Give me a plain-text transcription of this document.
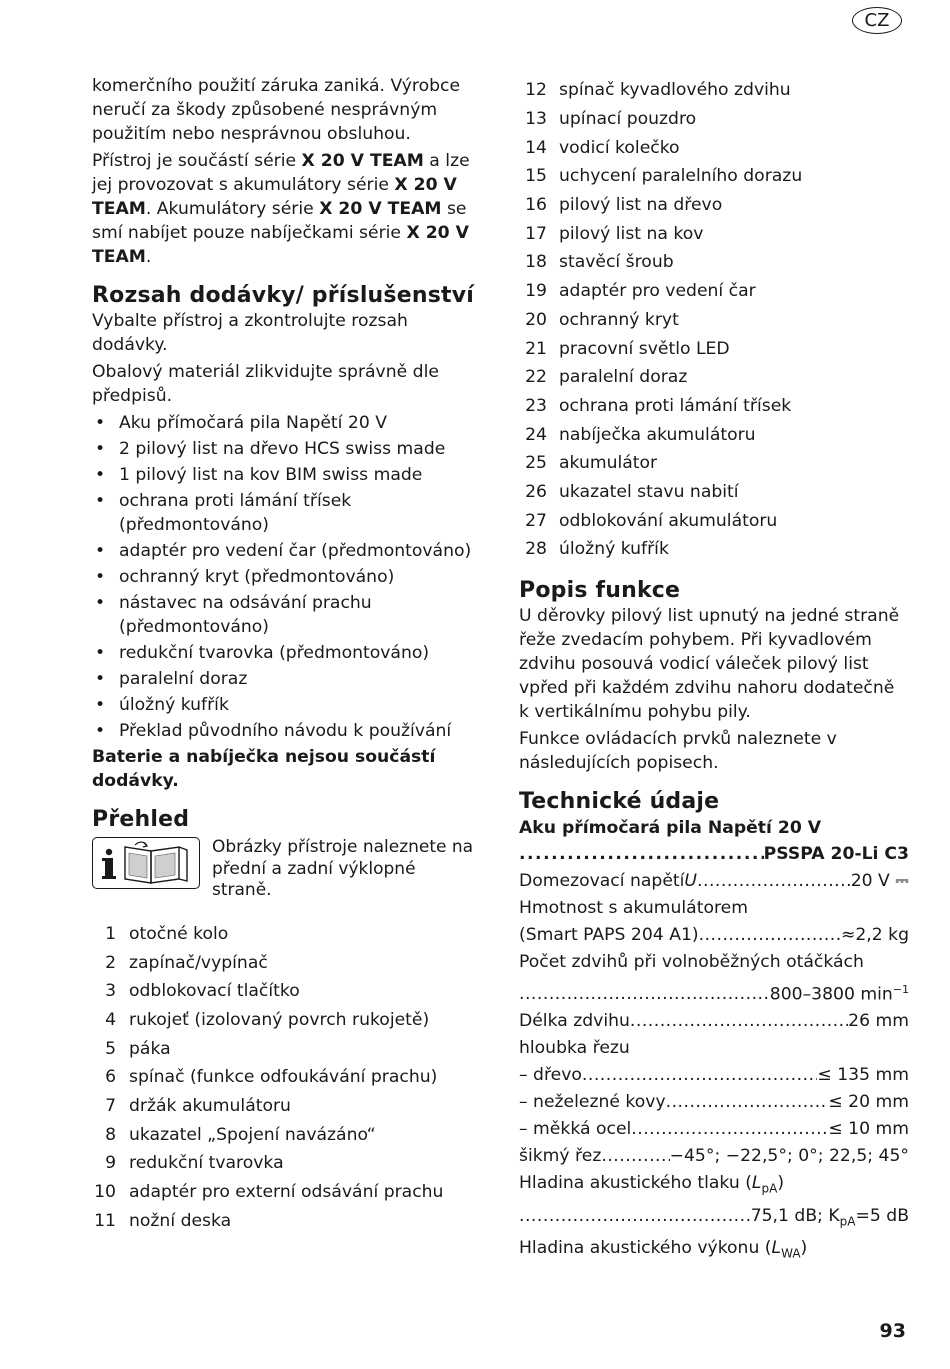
CZ

komerčního použití záruka zaniká. Výrobce neručí za škody způsobené nesprávným použitím nebo nesprávnou obsluhou.

Přístroj je součástí série X 20 V TEAM a lze jej provozovat s akumulátory série X 20 V TEAM. Akumulátory série X 20 V TEAM se smí nabíjet pouze nabíječkami série X 20 V TEAM.

Rozsah dodávky/ příslušenství

Vybalte přístroj a zkontrolujte rozsah dodávky.

Obalový materiál zlikvidujte správně dle předpisů.

• Aku přímočará pila Napětí 20 V
• 2 pilový list na dřevo HCS swiss made
• 1 pilový list na kov BIM swiss made
• ochrana proti lámání třísek (předmontováno)
• adaptér pro vedení čar (předmontováno)
• ochranný kryt (předmontováno)
• nástavec na odsávání prachu (předmontováno)
• redukční tvarovka (předmontováno)
• paralelní doraz
• úložný kufřík
• Překlad původního návodu k používání

Baterie a nabíječka nejsou součástí dodávky.

Přehled
Obrázky přístroje naleznete na přední a zadní výklopné straně.
1 otočné kolo
2 zapínač/vypínač
3 odblokovací tlačítko
4 rukojeť (izolovaný povrch rukojetě)
5 páka
6 spínač (funkce odfoukávání prachu)
7 držák akumulátoru
8 ukazatel „Spojení navázáno“
9 redukční tvarovka
10 adaptér pro externí odsávání prachu
11 nožní deska
12 spínač kyvadlového zdvihu
13 upínací pouzdro
14 vodicí kolečko
15 uchycení paralelního dorazu
16 pilový list na dřevo
17 pilový list na kov
18 stavěcí šroub
19 adaptér pro vedení čar
20 ochranný kryt
21 pracovní světlo LED
22 paralelní doraz
23 ochrana proti lámání třísek
24 nabíječka akumulátoru
25 akumulátor
26 ukazatel stavu nabití
27 odblokování akumulátoru
28 úložný kufřík
Popis funkce

U děrovky pilový list upnutý na jedné straně řeže zvedacím pohybem. Při kyvadlovém zdvihu posouvá vodicí váleček pilový list vpřed při každém zdvihu nahoru dodatečně k vertikálnímu pohybu pily.

Funkce ovládacích prvků naleznete v následujících popisech.

Technické údaje
Aku přímočará pila Napětí 20 V
.....
PSSPA 20-Li C3
Domezovací napětí U .....	20 V ⎓
Hmotnost s akumulátorem
(Smart PAPS 204 A1) .....	≈2,2 kg
Počet zdvihů při volnoběžných otáčkách
.....
800–3800 $\min^{-1}$
Délka zdvihu .....	26 mm
hloubka řezu
– dřevo .....	≤ 135 mm
– neželezné kovy .....	≤ 20 mm
– měkká ocel .....	≤ 10 mm
šikmý řez .....	−45°; −22,5°; 0°; 22,5; 45°
Hladina akustického tlaku $(L_{pA})$
.....
75,1 dB; $K_{pA}=5$ dB
Hladina akustického výkonu $(L_{WA})$
93
